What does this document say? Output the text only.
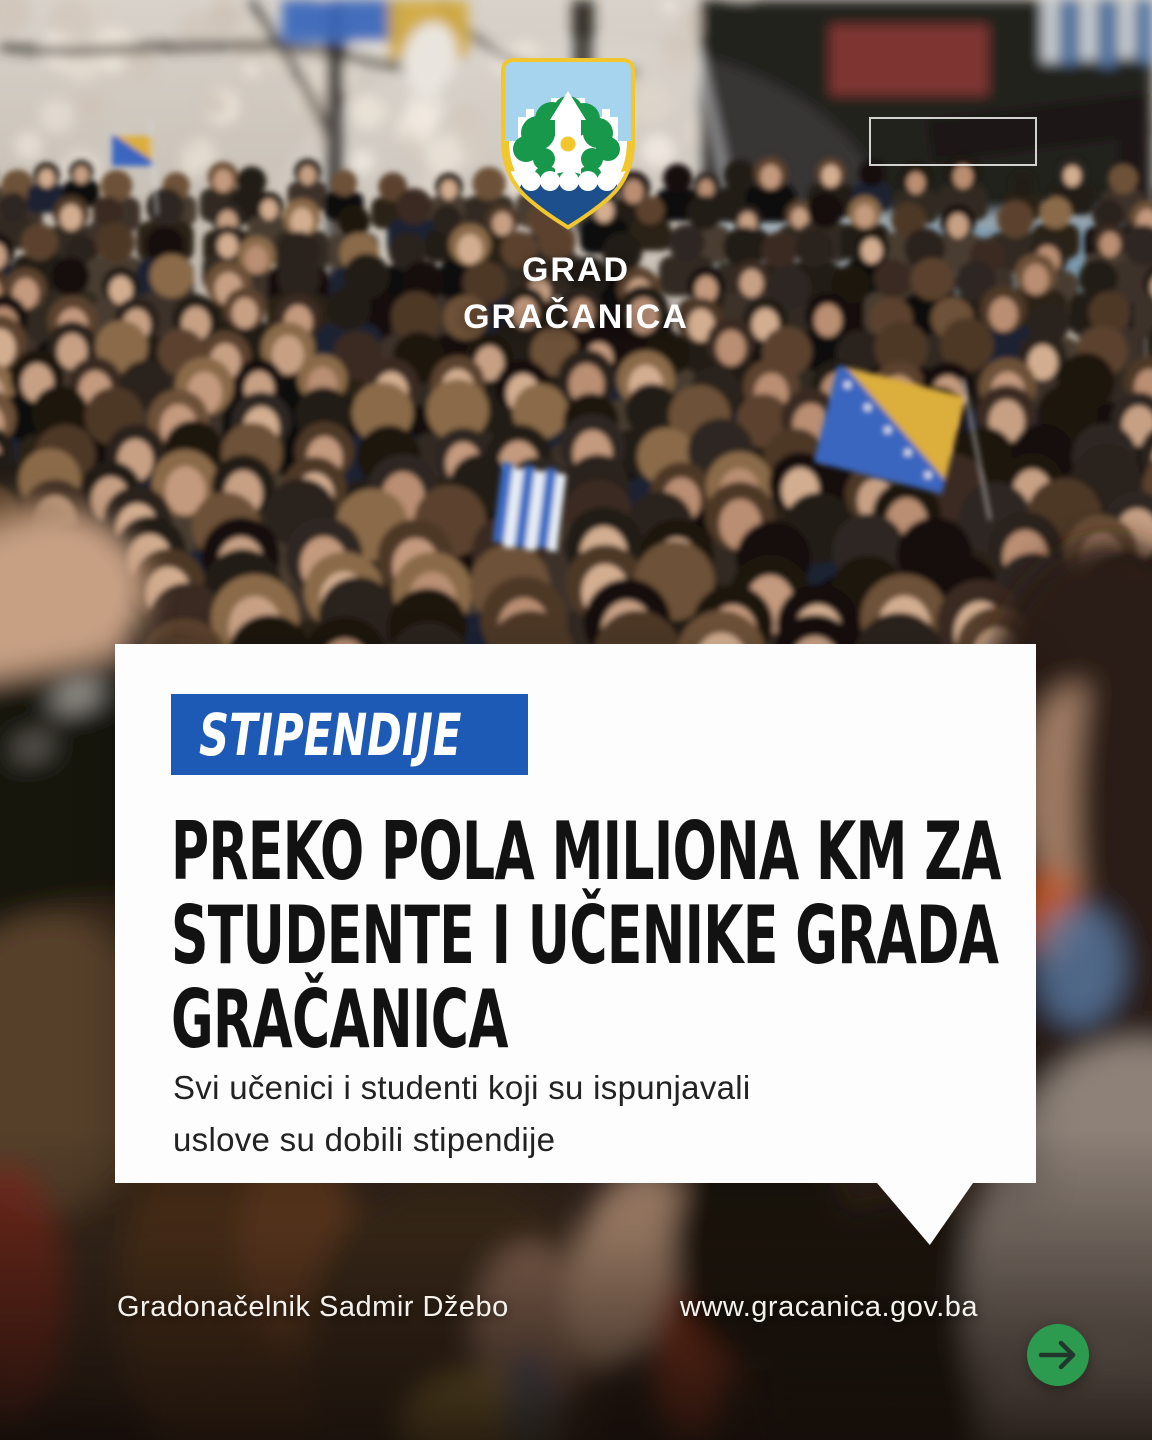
GRAD
GRAČANICA
STIPENDIJE
PREKO POLA MILIONA KM ZA
STUDENTE I UČENIKE GRADA
GRAČANICA

Svi učenici i studenti koji su ispunjavali
uslove su dobili stipendije

Gradonačelnik Sadmir Džebo	www.gracanica.gov.ba
